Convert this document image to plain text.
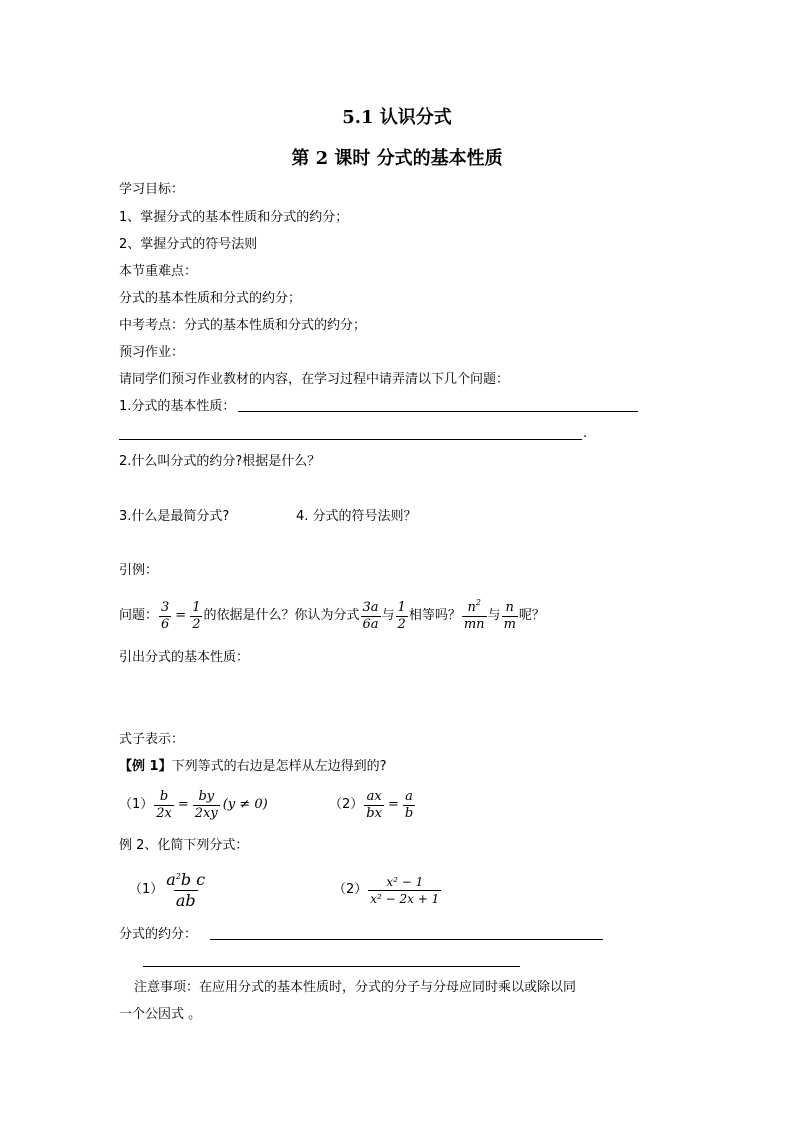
5.1 认识分式
第 2 课时 分式的基本性质
学习目标：
1、掌握分式的基本性质和分式的约分；
2、掌握分式的符号法则
本节重难点：
分式的基本性质和分式的约分；
中考考点：分式的基本性质和分式的约分；
预习作业：
请同学们预习作业教材的内容，在学习过程中请弄清以下几个问题：
1.分式的基本性质：
.
2.什么叫分式的约分?根据是什么？
3.什么是最简分式?	4. 分式的符号法则？
引例：
问题： $\frac{3}{6} = \frac{1}{2}$ 的依据是什么？你认为分式 $\frac{3a}{6a}$ 与 $\frac{1}{2}$ 相等吗？ $\frac{n^2}{mn}$ 与 $\frac{n}{m}$ 呢？
引出分式的基本性质：
式子表示：
【例 1】下列等式的右边是怎样从左边得到的?
$(1) \frac{b}{2x} = \frac{by}{2xy} (y \ne 0)$	$(2) \frac{ax}{bx} = \frac{a}{b}$
例 2、化简下列分式：
$(1) \frac{a^2b c}{ab}$	$(2) \frac{\text{x² − 1}}{\text{x² − 2x + 1}}$
分式的约分：
注意事项：在应用分式的基本性质时，分式的分子与分母应同时乘以或除以同
一个公因式 。
